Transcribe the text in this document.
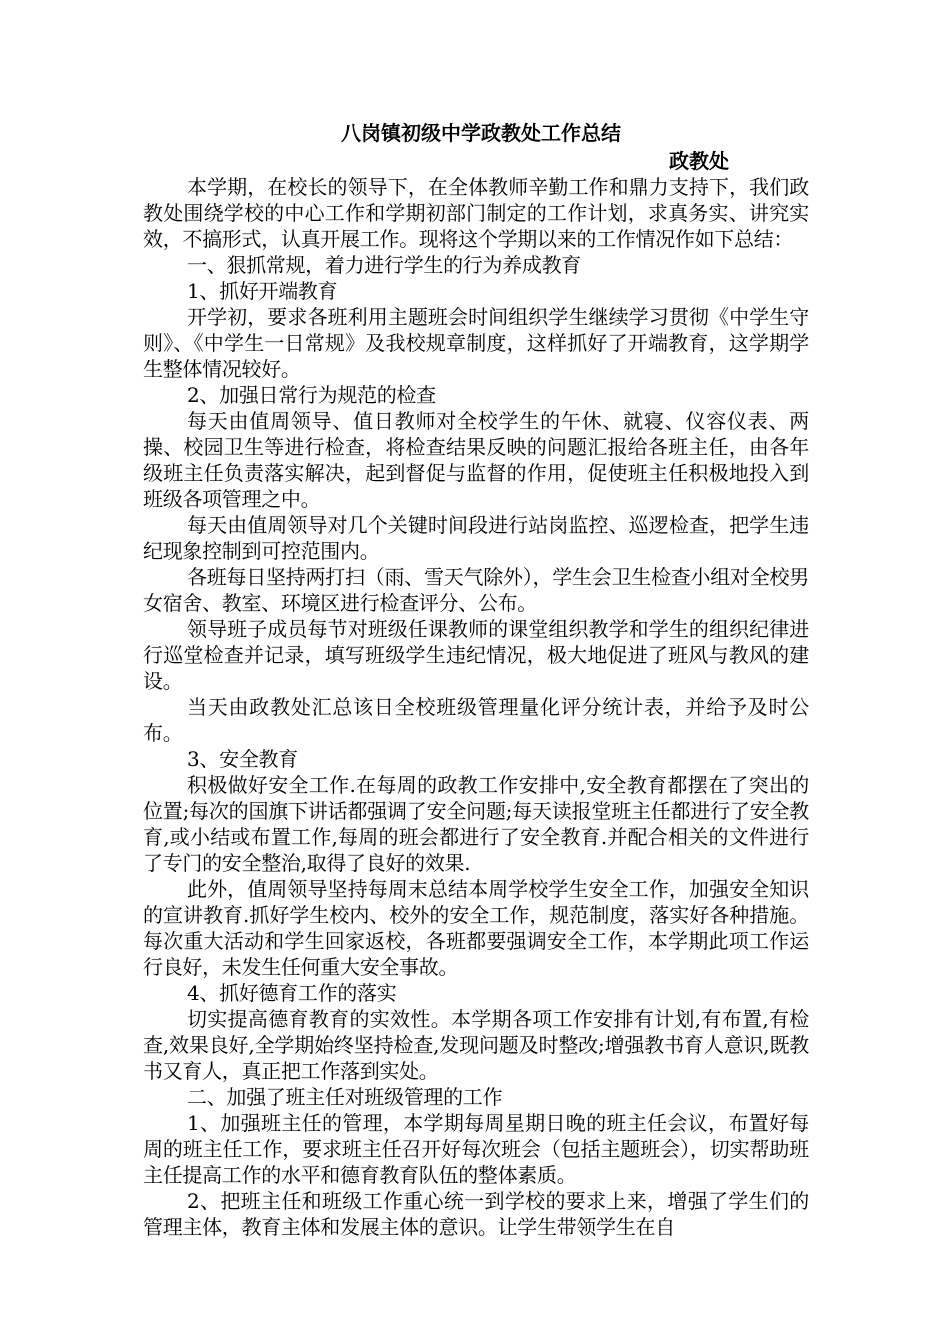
八岗镇初级中学政教处工作总结
政教处

本学期，在校长的领导下，在全体教师辛勤工作和鼎力支持下，我们政教处围绕学校的中心工作和学期初部门制定的工作计划，求真务实、讲究实效，不搞形式，认真开展工作。现将这个学期以来的工作情况作如下总结：

一、狠抓常规，着力进行学生的行为养成教育

1、抓好开端教育

开学初，要求各班利用主题班会时间组织学生继续学习贯彻《中学生守则》、《中学生一日常规》及我校规章制度，这样抓好了开端教育，这学期学生整体情况较好。

2、加强日常行为规范的检查

每天由值周领导、值日教师对全校学生的午休、就寝、仪容仪表、两操、校园卫生等进行检查，将检查结果反映的问题汇报给各班主任，由各年级班主任负责落实解决，起到督促与监督的作用，促使班主任积极地投入到班级各项管理之中。

每天由值周领导对几个关键时间段进行站岗监控、巡逻检查，把学生违纪现象控制到可控范围内。

各班每日坚持两打扫（雨、雪天气除外），学生会卫生检查小组对全校男女宿舍、教室、环境区进行检查评分、公布。

领导班子成员每节对班级任课教师的课堂组织教学和学生的组织纪律进行巡堂检查并记录，填写班级学生违纪情况，极大地促进了班风与教风的建设。

当天由政教处汇总该日全校班级管理量化评分统计表，并给予及时公布。

3、安全教育

积极做好安全工作.在每周的政教工作安排中,安全教育都摆在了突出的位置;每次的国旗下讲话都强调了安全问题;每天读报堂班主任都进行了安全教育,或小结或布置工作,每周的班会都进行了安全教育.并配合相关的文件进行了专门的安全整治,取得了良好的效果.

此外，值周领导坚持每周末总结本周学校学生安全工作，加强安全知识的宣讲教育.抓好学生校内、校外的安全工作，规范制度，落实好各种措施。每次重大活动和学生回家返校，各班都要强调安全工作，本学期此项工作运行良好，未发生任何重大安全事故。

4、抓好德育工作的落实

切实提高德育教育的实效性。本学期各项工作安排有计划,有布置,有检查,效果良好,全学期始终坚持检查,发现问题及时整改;增强教书育人意识,既教书又育人，真正把工作落到实处。

二、加强了班主任对班级管理的工作

1、加强班主任的管理，本学期每周星期日晚的班主任会议，布置好每周的班主任工作，要求班主任召开好每次班会（包括主题班会），切实帮助班主任提高工作的水平和德育教育队伍的整体素质。

2、把班主任和班级工作重心统一到学校的要求上来，增强了学生们的管理主体，教育主体和发展主体的意识。让学生带领学生在自
